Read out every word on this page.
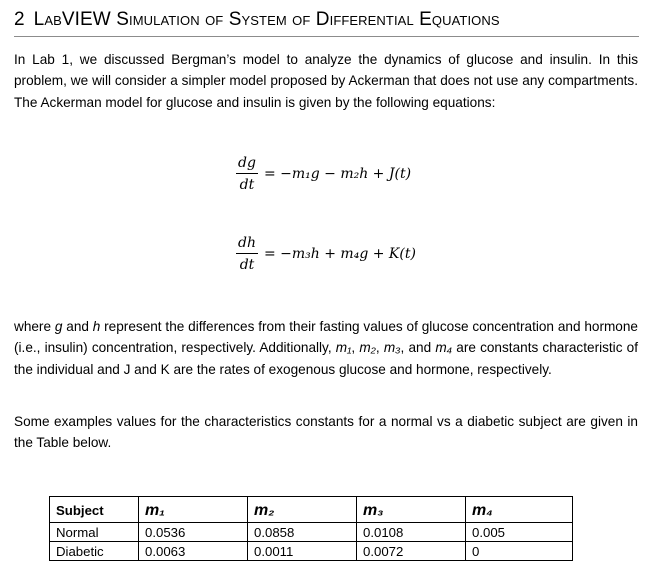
2 LabVIEW Simulation of System of Differential Equations

In Lab 1, we discussed Bergman’s model to analyze the dynamics of glucose and insulin. In this problem, we will consider a simpler model proposed by Ackerman that does not use any compartments. The Ackerman model for glucose and insulin is given by the following equations:

$\frac{dg}{dt} = -m_1g - m_2h + J(t)$
$\frac{dh}{dt} = -m_3h + m_4g + K(t)$

where g and h represent the differences from their fasting values of glucose concentration and hormone (i.e., insulin) concentration, respectively. Additionally, m₁, m₂, m₃, and m₄ are constants characteristic of the individual and J and K are the rates of exogenous glucose and hormone, respectively.

Some examples values for the characteristics constants for a normal vs a diabetic subject are given in the Table below.

Subject	m₁	m₂	m₃	m₄
Normal	0.0536	0.0858	0.0108	0.005
Diabetic	0.0063	0.0011	0.0072	0
